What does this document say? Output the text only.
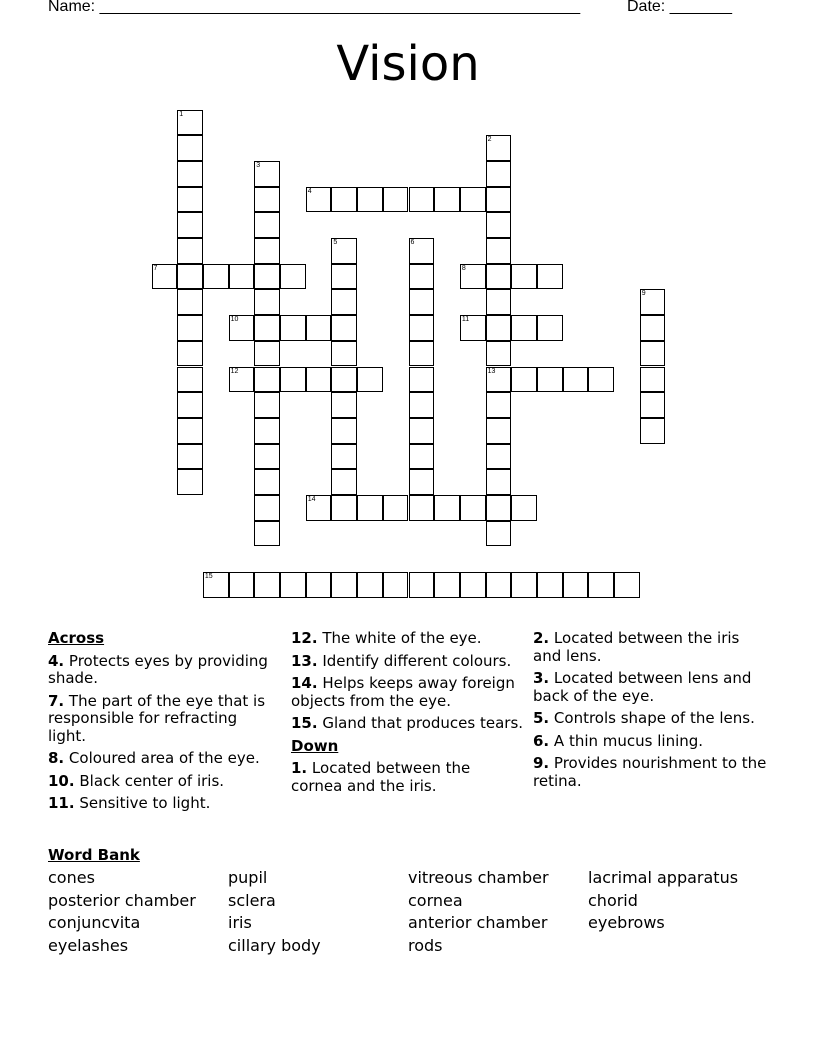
Name: ______________________________________________________	Date: _______
Vision
1
2
13
3
4
5	6
7	8
9
10	11
12
14
15
Across
4. Protects eyes by providing shade.
7. The part of the eye that is responsible for refracting light.
8. Coloured area of the eye.
10. Black center of iris.
11. Sensitive to light.
12. The white of the eye.
13. Identify different colours.
14. Helps keeps away foreign objects from the eye.
15. Gland that produces tears.
Down
1. Located between the cornea and the iris.
2. Located between the iris and lens.
3. Located between lens and back of the eye.
5. Controls shape of the lens.
6. A thin mucus lining.
9. Provides nourishment to the retina.
Word Bank
cones	pupil	vitreous chamber	lacrimal apparatus
posterior chamber	sclera	cornea	chorid
conjuncvita	iris	anterior chamber	eyebrows
eyelashes	cillary body	rods
